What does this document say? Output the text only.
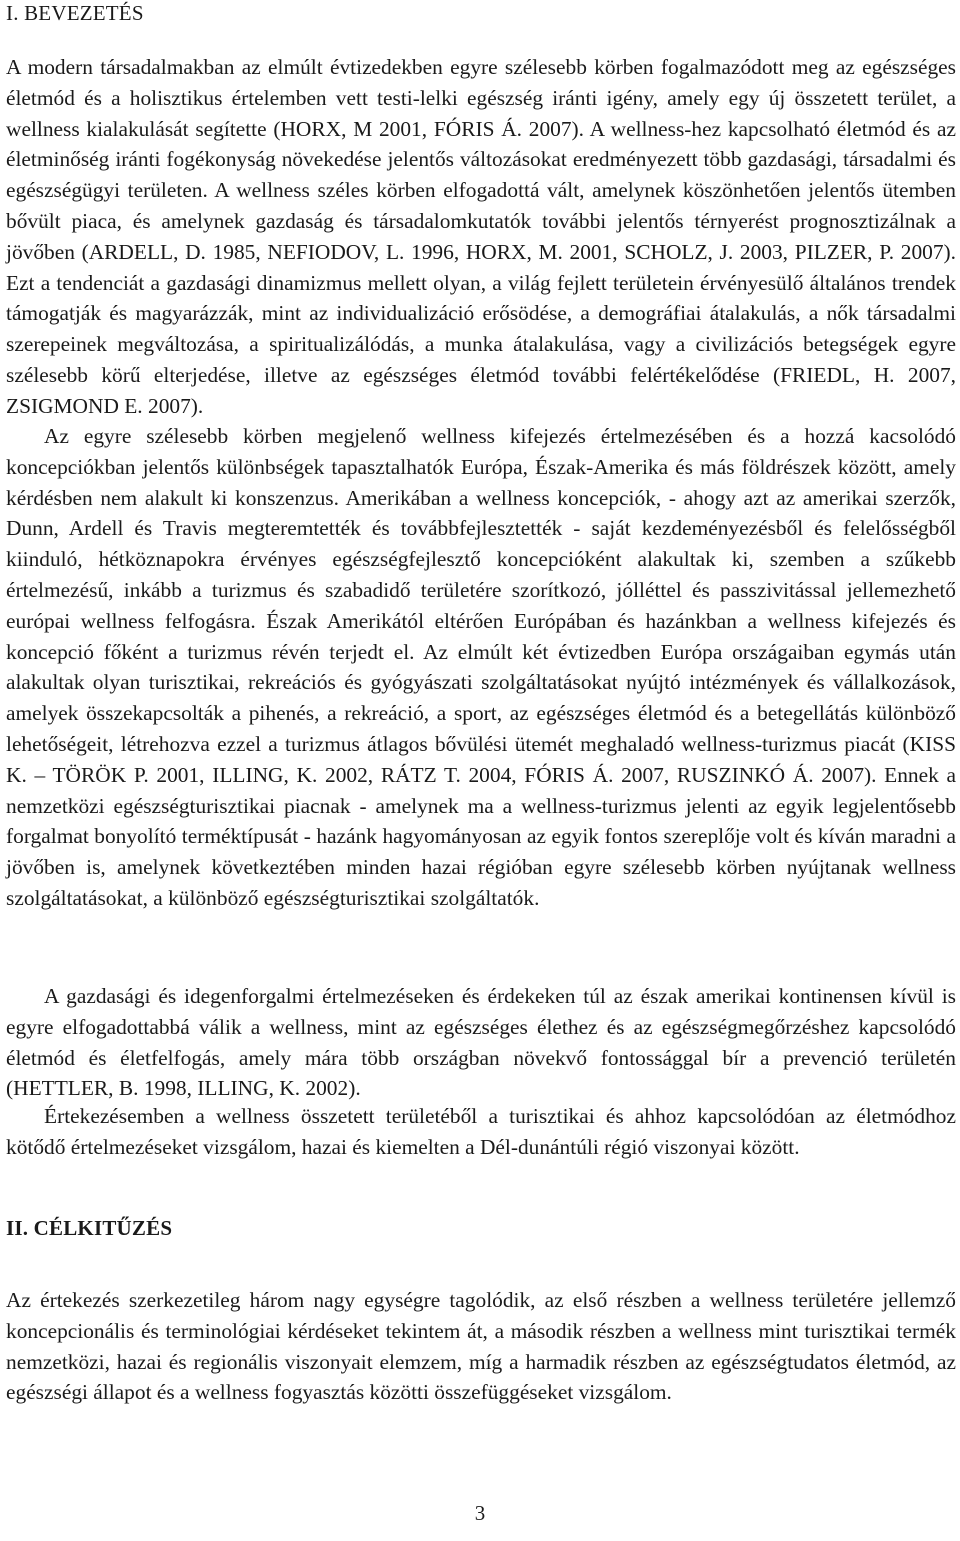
I. BEVEZETÉS

A modern társadalmakban az elmúlt évtizedekben egyre szélesebb körben fogalmazódott meg az egészséges életmód és a holisztikus értelemben vett testi-lelki egészség iránti igény, amely egy új összetett terület, a wellness kialakulását segítette (HORX, M 2001, FÓRIS Á. 2007). A wellness-hez kapcsolható életmód és az életminőség iránti fogékonyság növekedése jelentős változásokat eredményezett több gazdasági, társadalmi és egészségügyi területen. A wellness széles körben elfogadottá vált, amelynek köszönhetően jelentős ütemben bővült piaca, és amelynek gazdaság és társadalomkutatók további jelentős térnyerést prognosztizálnak a jövőben (ARDELL, D. 1985, NEFIODOV, L. 1996, HORX, M. 2001, SCHOLZ, J. 2003, PILZER, P. 2007). Ezt a tendenciát a gazdasági dinamizmus mellett olyan, a világ fejlett területein érvényesülő általános trendek támogatják és magyarázzák, mint az individualizáció erősödése, a demográfiai átalakulás, a nők társadalmi szerepeinek megváltozása, a spiritualizálódás, a munka átalakulása, vagy a civilizációs betegségek egyre szélesebb körű elterjedése, illetve az egészséges életmód további felértékelődése (FRIEDL, H. 2007, ZSIGMOND E. 2007).

Az egyre szélesebb körben megjelenő wellness kifejezés értelmezésében és a hozzá kacsolódó koncepciókban jelentős különbségek tapasztalhatók Európa, Észak-Amerika és más földrészek között, amely kérdésben nem alakult ki konszenzus. Amerikában a wellness koncepciók, - ahogy azt az amerikai szerzők, Dunn, Ardell és Travis megteremtették és továbbfejlesztették - saját kezdeményezésből és felelősségből kiinduló, hétköznapokra érvényes egészségfejlesztő koncepcióként alakultak ki, szemben a szűkebb értelmezésű, inkább a turizmus és szabadidő területére szorítkozó, jólléttel és passzivitással jellemezhető európai wellness felfogásra. Észak Amerikától eltérően Európában és hazánkban a wellness kifejezés és koncepció főként a turizmus révén terjedt el. Az elmúlt két évtizedben Európa országaiban egymás után alakultak olyan turisztikai, rekreációs és gyógyászati szolgáltatásokat nyújtó intézmények és vállalkozások, amelyek összekapcsolták a pihenés, a rekreáció, a sport, az egészséges életmód és a betegellátás különböző lehetőségeit, létrehozva ezzel a turizmus átlagos bővülési ütemét meghaladó wellness-turizmus piacát (KISS K. – TÖRÖK P. 2001, ILLING, K. 2002, RÁTZ T. 2004, FÓRIS Á. 2007, RUSZINKÓ Á. 2007). Ennek a nemzetközi egészségturisztikai piacnak - amelynek ma a wellness-turizmus jelenti az egyik legjelentősebb forgalmat bonyolító terméktípusát - hazánk hagyományosan az egyik fontos szereplője volt és kíván maradni a jövőben is, amelynek következtében minden hazai régióban egyre szélesebb körben nyújtanak wellness szolgáltatásokat, a különböző egészségturisztikai szolgáltatók.

A gazdasági és idegenforgalmi értelmezéseken és érdekeken túl az észak amerikai kontinensen kívül is egyre elfogadottabbá válik a wellness, mint az egészséges élethez és az egészségmegőrzéshez kapcsolódó életmód és életfelfogás, amely mára több országban növekvő fontossággal bír a prevenció területén (HETTLER, B. 1998, ILLING, K. 2002).

Értekezésemben a wellness összetett területéből a turisztikai és ahhoz kapcsolódóan az életmódhoz kötődő értelmezéseket vizsgálom, hazai és kiemelten a Dél-dunántúli régió viszonyai között.

II. CÉLKITŰZÉS

Az értekezés szerkezetileg három nagy egységre tagolódik, az első részben a wellness területére jellemző koncepcionális és terminológiai kérdéseket tekintem át, a második részben a wellness mint turisztikai termék nemzetközi, hazai és regionális viszonyait elemzem, míg a harmadik részben az egészségtudatos életmód, az egészségi állapot és a wellness fogyasztás közötti összefüggéseket vizsgálom.

3
